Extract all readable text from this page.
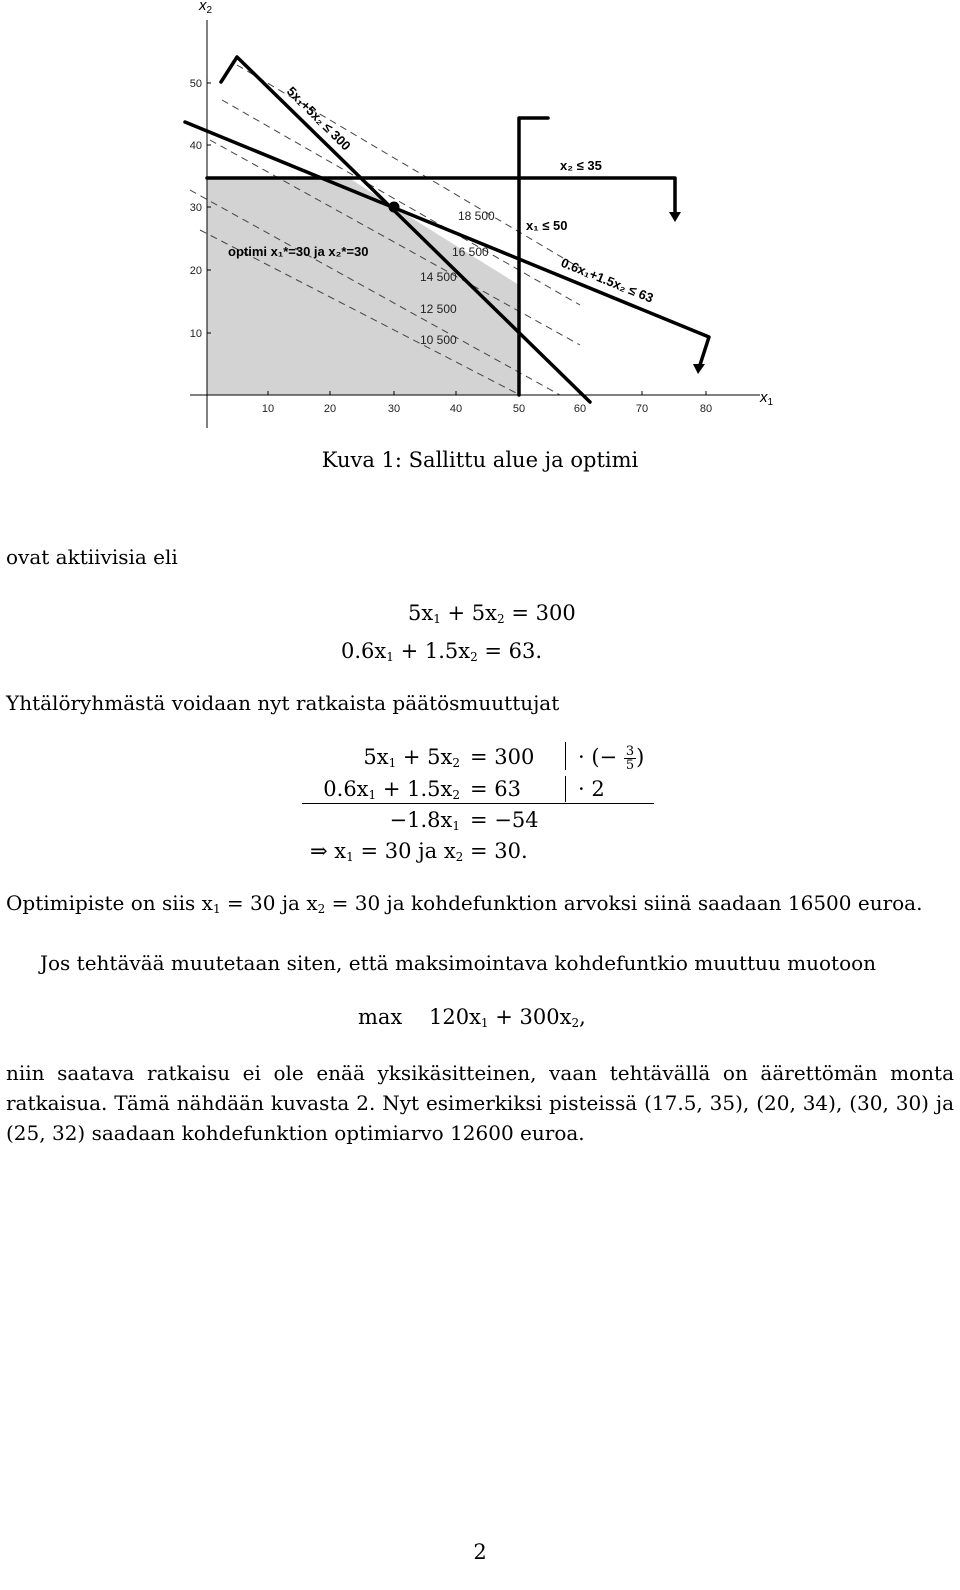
10	20	30	40	50	60	70	80
10
20
30
40
50
$x_2$
$x_1$
5x₁+5x₂ ≤ 300
x₂ ≤ 35
x₁ ≤ 50
0.6x₁+1.5x₂ ≤ 63
optimi x₁*=30 ja x₂*=30
18 500
16 500
14 500
12 500
10 500
Kuva 1: Sallittu alue ja optimi
ovat aktiivisia eli
$5x_1 + 5x_2 = 300$
$0.6x_1 + 1.5x_2 = 63$.
Yhtälöryhmästä voidaan nyt ratkaista päätösmuuttujat
$5x_1 + 5x_2 = 300$ · (− $\frac{3}{5}$ )
$0.6x_1 + 1.5x_2 = 63$	· 2
$-1.8x_1 = -54$
⇒ $x_1 = 30$ ja $x_2 = 30$.
Optimipiste on siis $x_1 = 30$ ja $x_2 = 30$ ja kohdefunktion arvoksi siinä saadaan 16500 euroa.
Jos tehtävää muutetaan siten, että maksimointava kohdefuntkio muuttuu muotoon
$\max 120x_1 + 300x_2$,
niin saatava ratkaisu ei ole enää yksikäsitteinen, vaan tehtävällä on äärettömän monta ratkaisua. Tämä nähdään kuvasta 2. Nyt esimerkiksi pisteissä (17.5, 35), (20, 34), (30, 30) ja (25, 32) saadaan kohdefunktion optimiarvo 12600 euroa.
2
